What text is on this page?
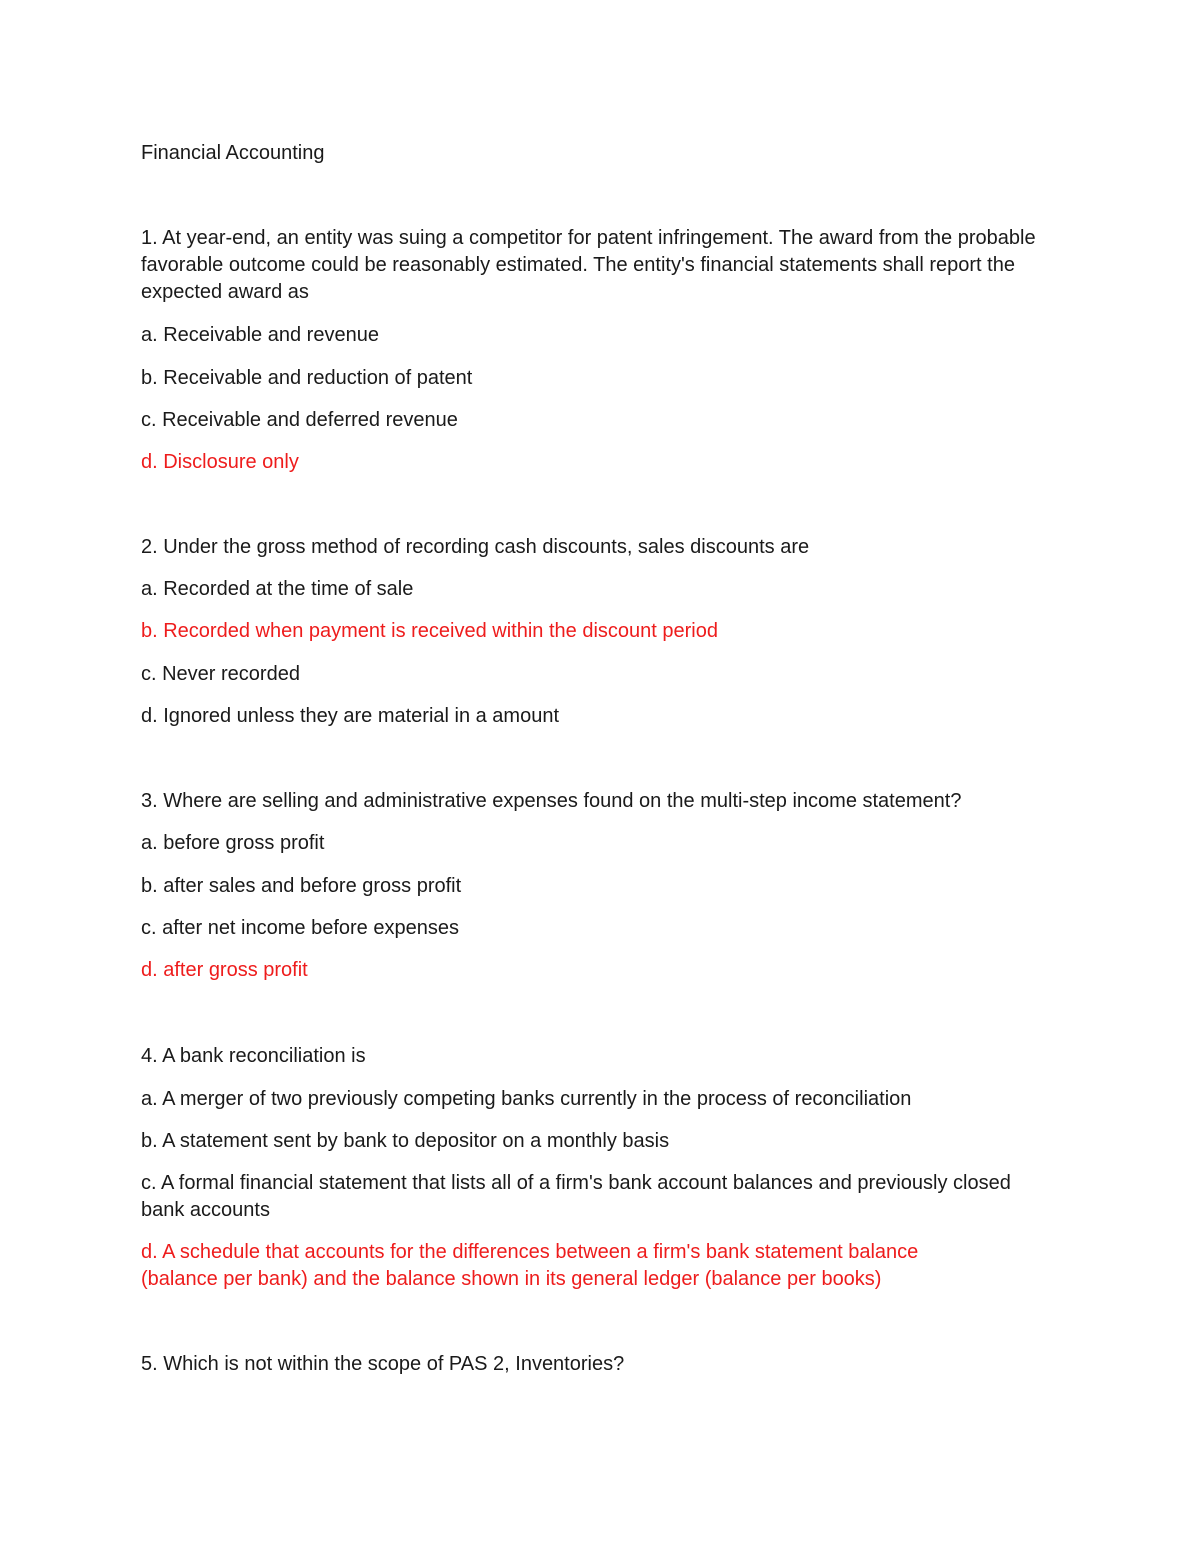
Financial Accounting

1. At year-end, an entity was suing a competitor for patent infringement. The award from the probable favorable outcome could be reasonably estimated. The entity's financial statements shall report the expected award as

a. Receivable and revenue

b. Receivable and reduction of patent

c. Receivable and deferred revenue

d. Disclosure only

2. Under the gross method of recording cash discounts, sales discounts are

a. Recorded at the time of sale

b. Recorded when payment is received within the discount period

c. Never recorded

d. Ignored unless they are material in a amount

3. Where are selling and administrative expenses found on the multi-step income statement?

a. before gross profit

b. after sales and before gross profit

c. after net income before expenses

d. after gross profit

4. A bank reconciliation is

a. A merger of two previously competing banks currently in the process of reconciliation

b. A statement sent by bank to depositor on a monthly basis

c. A formal financial statement that lists all of a firm's bank account balances and previously closed bank accounts

d. A schedule that accounts for the differences between a firm's bank statement balance (balance per bank) and the balance shown in its general ledger (balance per books)

5. Which is not within the scope of PAS 2, Inventories?
